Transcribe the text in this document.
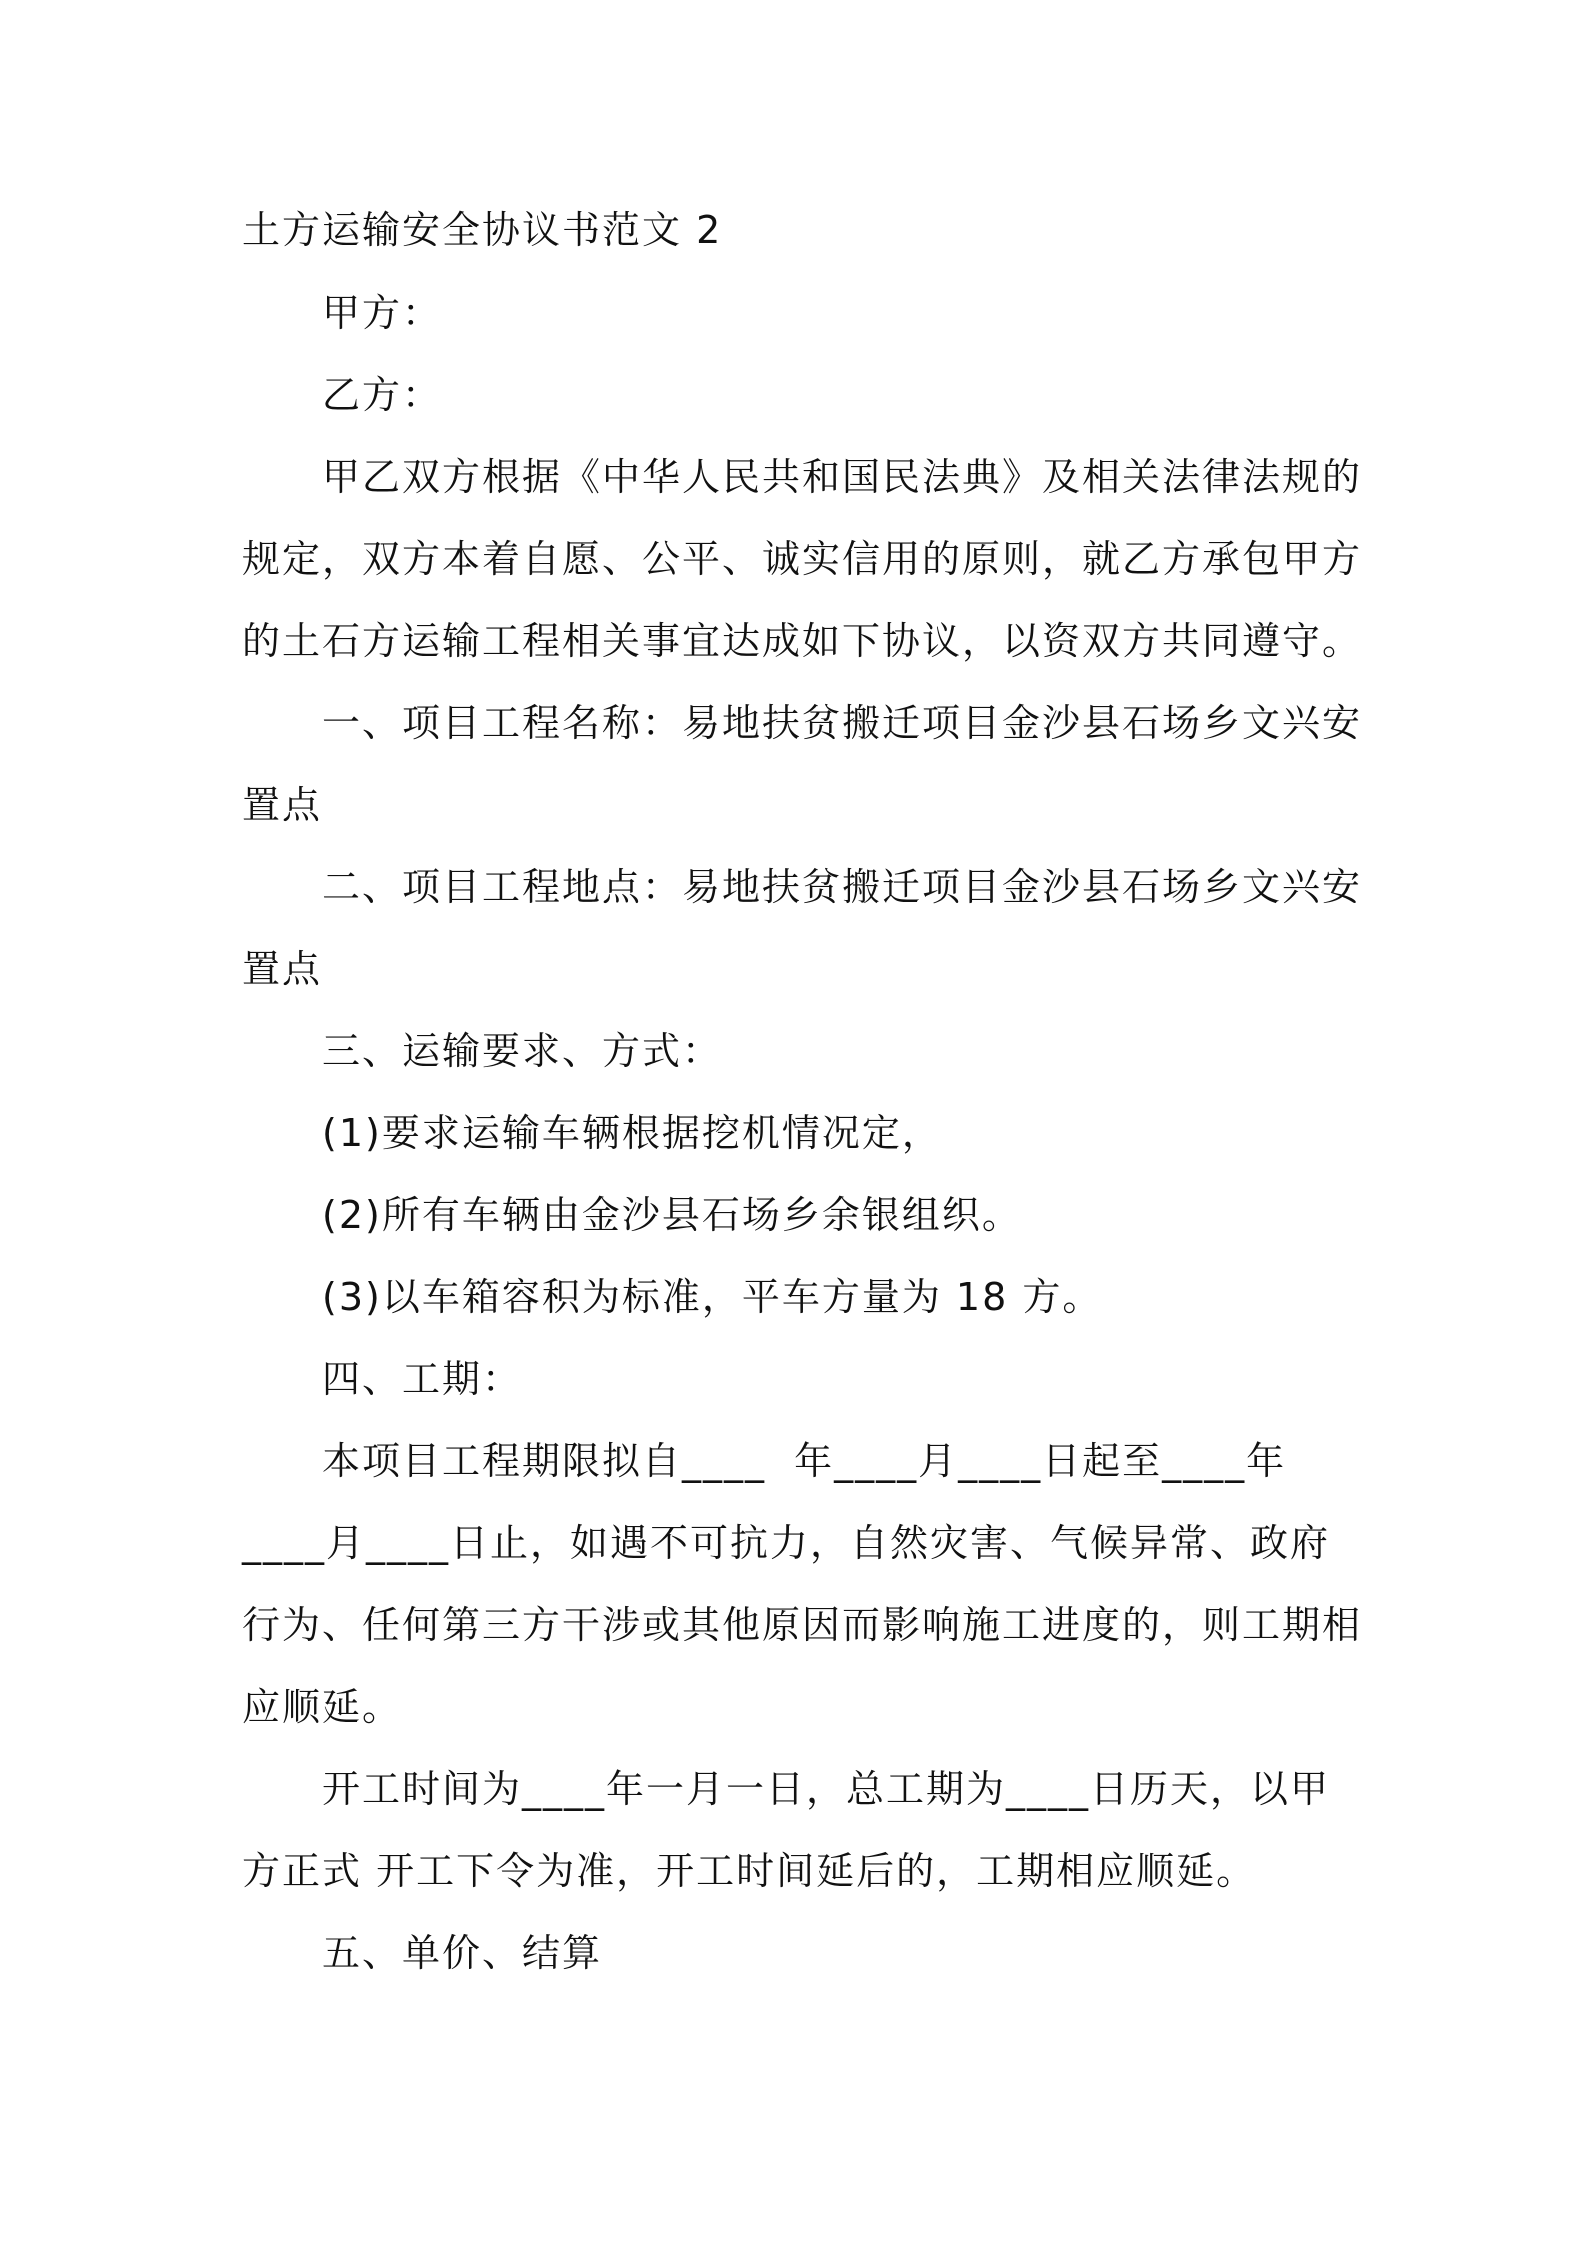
土方运输安全协议书范文 2
甲方：
乙方：
甲乙双方根据《中华人民共和国民法典》及相关法律法规的
规定，双方本着自愿、公平、诚实信用的原则，就乙方承包甲方
的土石方运输工程相关事宜达成如下协议，以资双方共同遵守。
一、项目工程名称：易地扶贫搬迁项目金沙县石场乡文兴安
置点
二、项目工程地点：易地扶贫搬迁项目金沙县石场乡文兴安
置点
三、运输要求、方式：
(1)要求运输车辆根据挖机情况定，
(2)所有车辆由金沙县石场乡余银组织。
(3)以车箱容积为标准，平车方量为 18 方。
四、工期：
本项目工程期限拟自____  年____月____日起至____年
____月____日止，如遇不可抗力，自然灾害、气候异常、政府
行为、任何第三方干涉或其他原因而影响施工进度的，则工期相
应顺延。
开工时间为____年一月一日，总工期为____日历天，以甲
方正式 开工下令为准，开工时间延后的，工期相应顺延。
五、单价、结算
